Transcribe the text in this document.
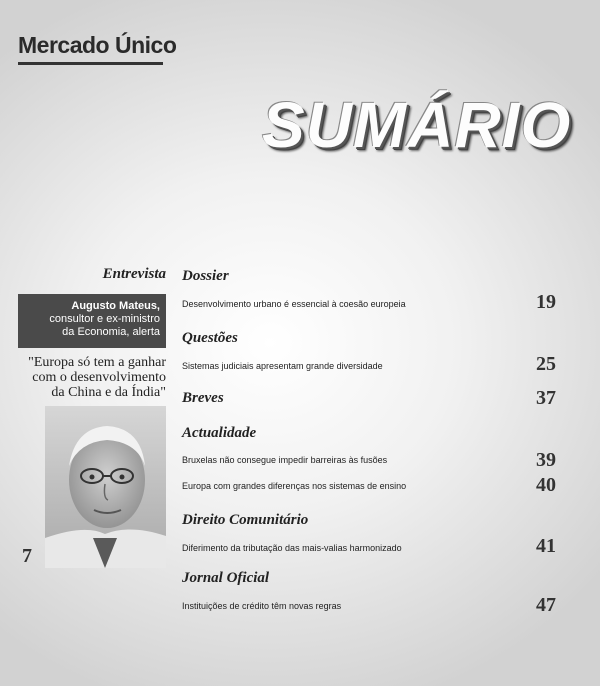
Mercado Único
SUMÁRIO
Entrevista
Augusto Mateus,
consultor e ex-ministro
da Economia, alerta
"Europa só tem a ganhar
com o desenvolvimento
da China e da Índia"
7
Dossier
Desenvolvimento urbano é essencial à coesão europeia	19
Questões
Sistemas judiciais apresentam grande diversidade	25
Breves	37
Actualidade
Bruxelas não consegue impedir barreiras às fusões	39
Europa com grandes diferenças nos sistemas de ensino	40
Direito Comunitário
Diferimento da tributação das mais-valias harmonizado	41
Jornal Oficial
Instituições de crédito têm novas regras	47
